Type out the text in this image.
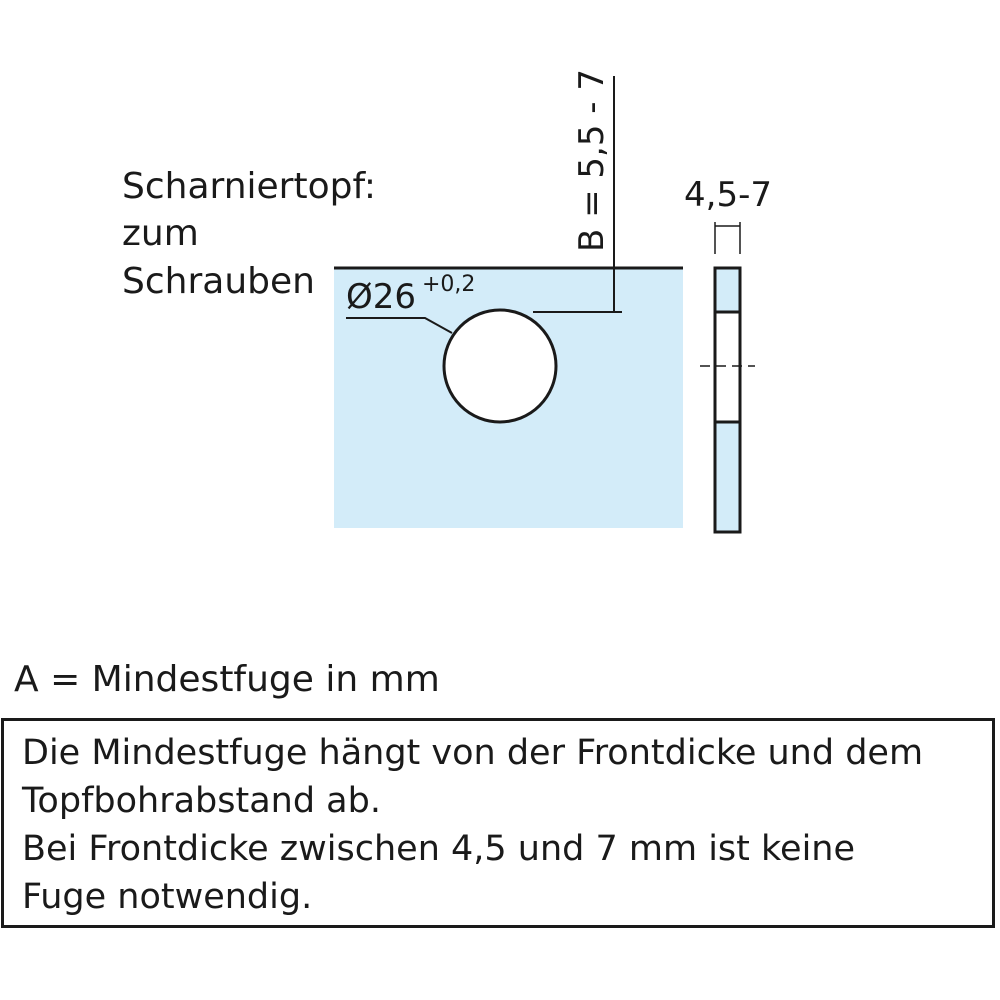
Scharniertopf:
zum
Schrauben Ø26 +0,2
B = 5,5 - 7 4,5-7
A = Mindestfuge in mm
Die Mindestfuge hängt von der Frontdicke und dem
Topfbohrabstand ab.
Bei Frontdicke zwischen 4,5 und 7 mm ist keine
Fuge notwendig.
